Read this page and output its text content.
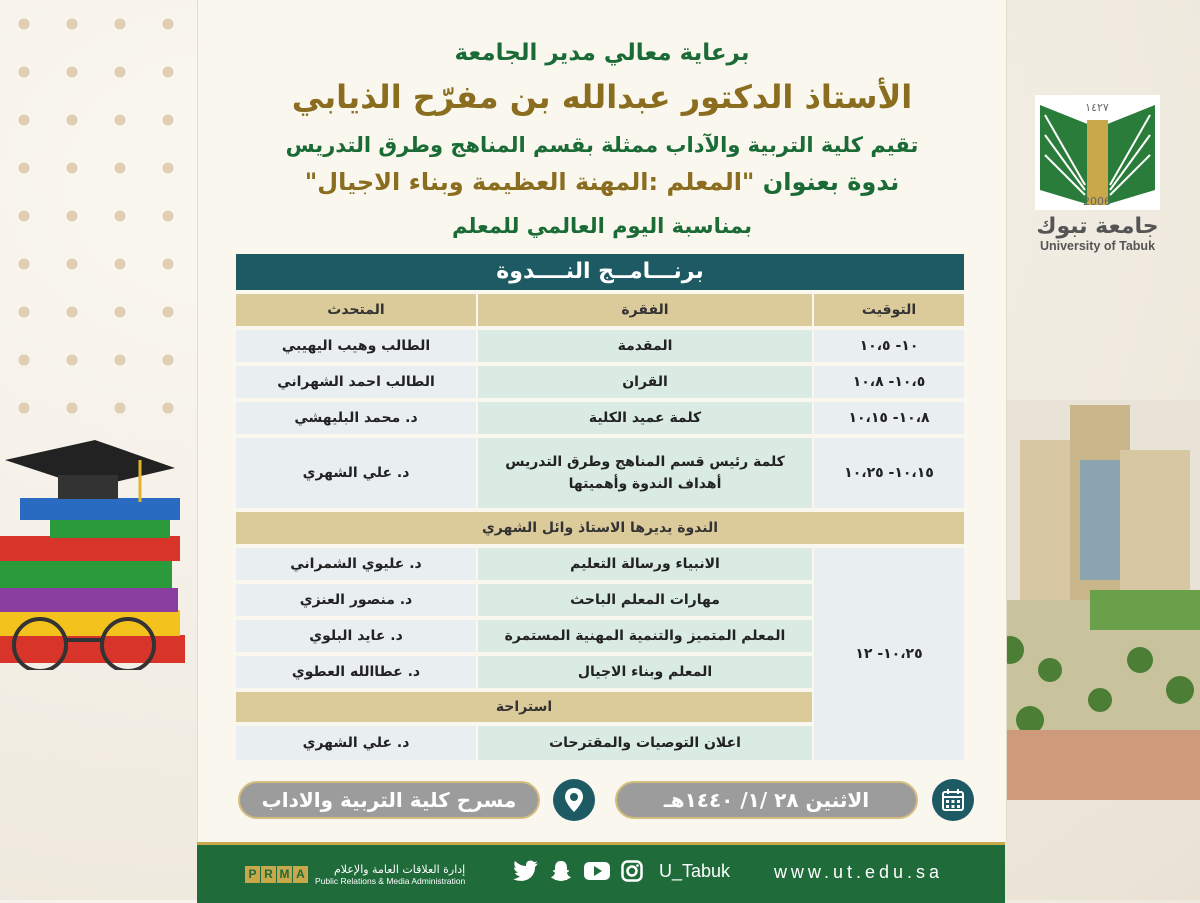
١٤٢٧
2006
جامعة تبوك
University of Tabuk
برعاية معالي مدير الجامعة
الأستاذ الدكتور عبدالله بن مفرّح الذيابي
تقيم كلية التربية والآداب ممثلة بقسم المناهج وطرق التدريس
ندوة بعنوان "المعلم :المهنة العظيمة وبناء الاجيال"
بمناسبة اليوم العالمي للمعلم
برنـــامــج النــــدوة
التوقيت
الفقرة
المتحدث
١٠- ١٠،٥
المقدمة
الطالب وهيب اليهيبي
١٠،٥- ١٠،٨
القران
الطالب احمد الشهراني
١٠،٨- ١٠،١٥
كلمة عميد الكلية
د. محمد البليهشي
١٠،١٥- ١٠،٢٥
كلمة رئيس قسم المناهج وطرق التدريس
أهداف الندوة وأهميتها
د. علي الشهري
الندوة يديرها الاستاذ وائل الشهري
١٠،٢٥- ١٢
الانبياء ورسالة التعليم
د. عليوي الشمراني
مهارات المعلم الباحث
د. منصور العنزي
المعلم المتميز والتنمية المهنية المستمرة
د. عايد البلوي
المعلم وبناء الاجيال
د. عطاالله العطوي
استراحة
اعلان التوصيات والمقترحات
د. علي الشهري
الاثنين ٢٨ /١/ ١٤٤٠هـ
مسرح كلية التربية والاداب
P R M A	إدارة العلاقات العامة والإعلام
Public Relations & Media Administration
U_Tabuk www.ut.edu.sa
